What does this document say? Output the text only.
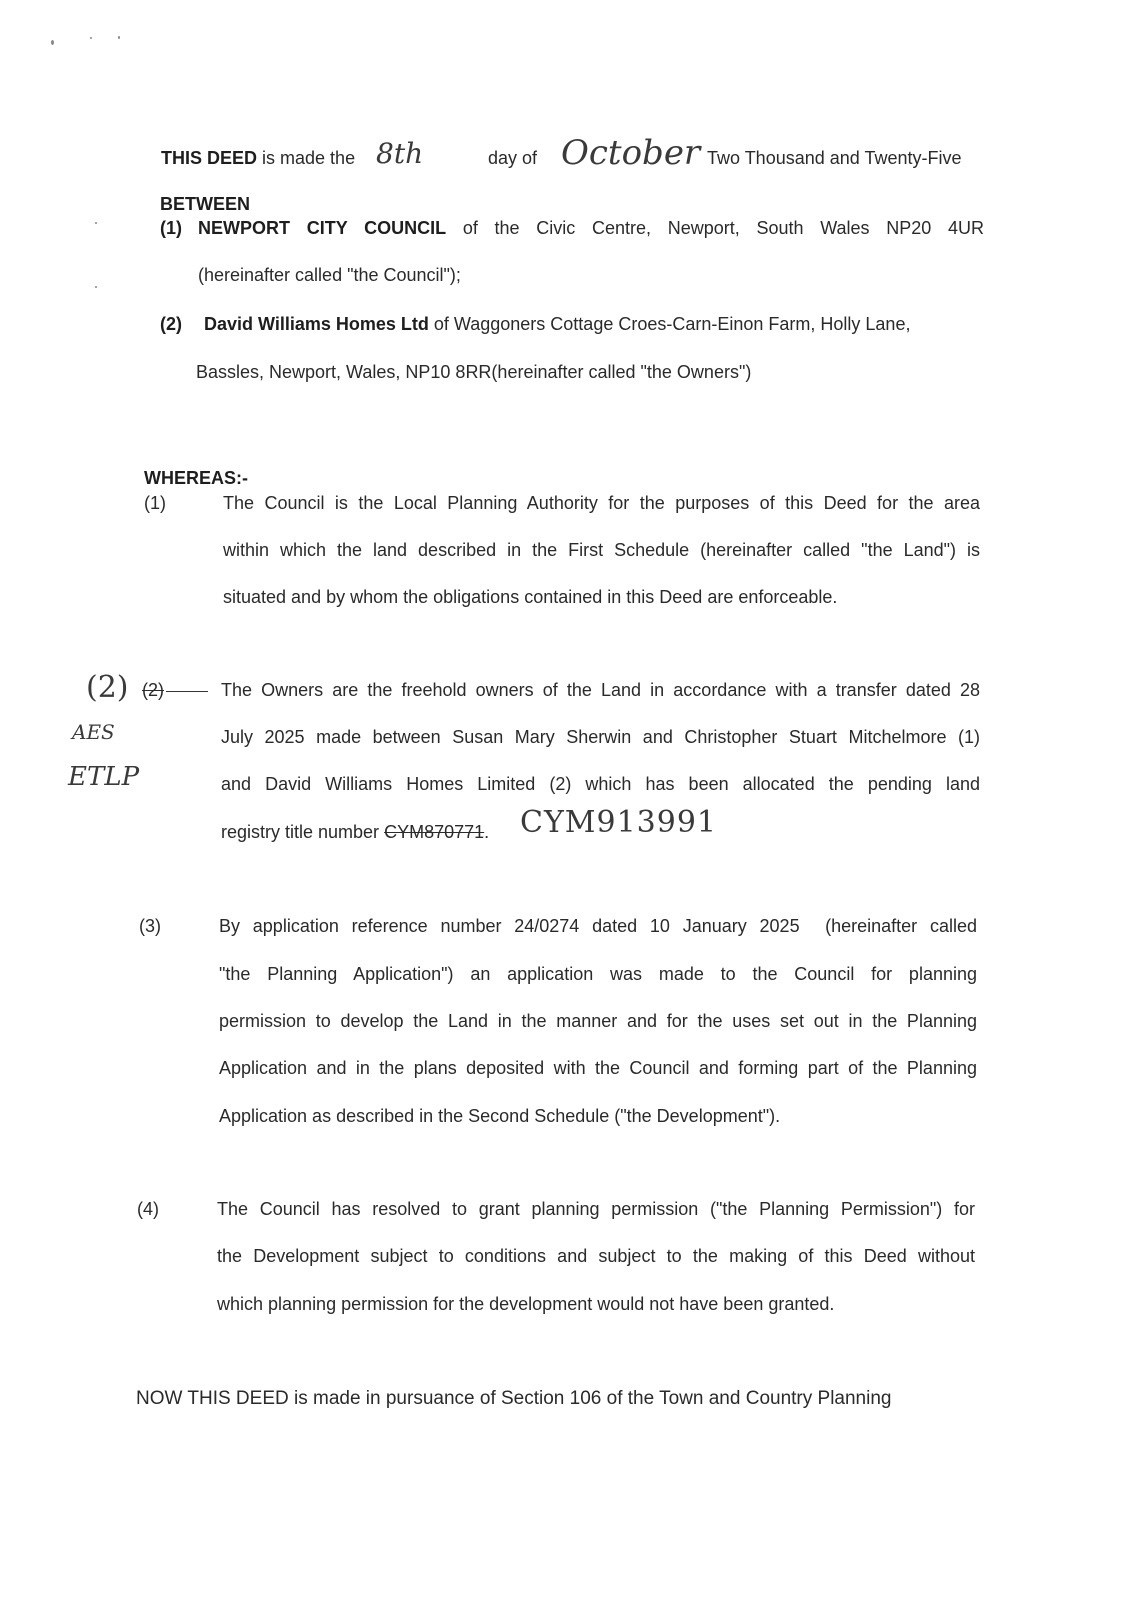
THIS DEED is made the 8th	day of October Two Thousand and Twenty-Five
BETWEEN
(1) NEWPORT CITY COUNCIL of the Civic Centre, Newport, South Wales NP20 4UR
(hereinafter called "the Council");
(2) David Williams Homes Ltd of Waggoners Cottage Croes-Carn-Einon Farm, Holly Lane,
Bassles, Newport, Wales, NP10 8RR(hereinafter called "the Owners")
WHEREAS:-
(1)	The Council is the Local Planning Authority for the purposes of this Deed for the area
within which the land described in the First Schedule (hereinafter called "the Land") is
situated and by whom the obligations contained in this Deed are enforceable.
(2)
AES
ETLP
(2)	The Owners are the freehold owners of the Land in accordance with a transfer dated 28
July 2025 made between Susan Mary Sherwin and Christopher Stuart Mitchelmore (1)
and David Williams Homes Limited (2) which has been allocated the pending land
registry title number CYM870771. CYM913991
(3)	By application reference number 24/0274 dated 10 January 2025  (hereinafter called
"the Planning Application") an application was made to the Council for planning
permission to develop the Land in the manner and for the uses set out in the Planning
Application and in the plans deposited with the Council and forming part of the Planning
Application as described in the Second Schedule ("the Development").
(4)	The Council has resolved to grant planning permission ("the Planning Permission") for
the Development subject to conditions and subject to the making of this Deed without
which planning permission for the development would not have been granted.
NOW THIS DEED is made in pursuance of Section 106 of the Town and Country Planning
